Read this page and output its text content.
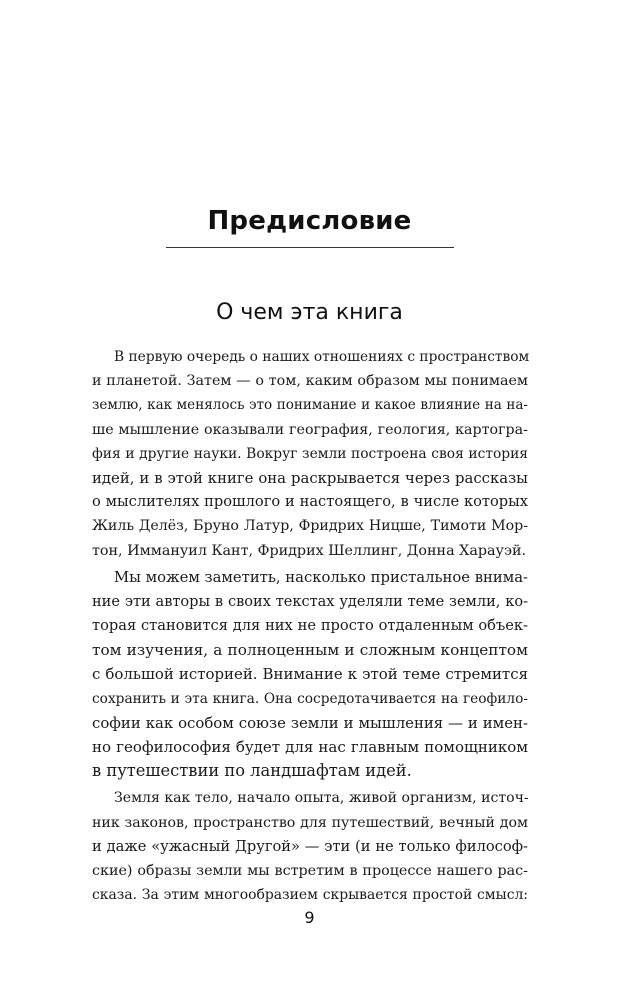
Предисловие
О чем эта книга
В первую очередь о наших отношениях с пространством
и планетой. Затем — о том, каким образом мы понимаем
землю, как менялось это понимание и какое влияние на на-
ше мышление оказывали география, геология, картогра-
фия и другие науки. Вокруг земли построена своя история
идей, и в этой книге она раскрывается через рассказы
о мыслителях прошлого и настоящего, в числе которых
Жиль Делёз, Бруно Латур, Фридрих Ницше, Тимоти Мор-
тон, Иммануил Кант, Фридрих Шеллинг, Донна Харауэй.
Мы можем заметить, насколько пристальное внима-
ние эти авторы в своих текстах уделяли теме земли, ко-
торая становится для них не просто отдаленным объек-
том изучения, а полноценным и сложным концептом
с большой историей. Внимание к этой теме стремится
сохранить и эта книга. Она сосредотачивается на геофило-
софии как особом союзе земли и мышления — и имен-
но геофилософия будет для нас главным помощником
в путешествии по ландшафтам идей.
Земля как тело, начало опыта, живой организм, источ-
ник законов, пространство для путешествий, вечный дом
и даже «ужасный Другой» — эти (и не только философ-
ские) образы земли мы встретим в процессе нашего рас-
сказа. За этим многообразием скрывается простой смысл:
9
